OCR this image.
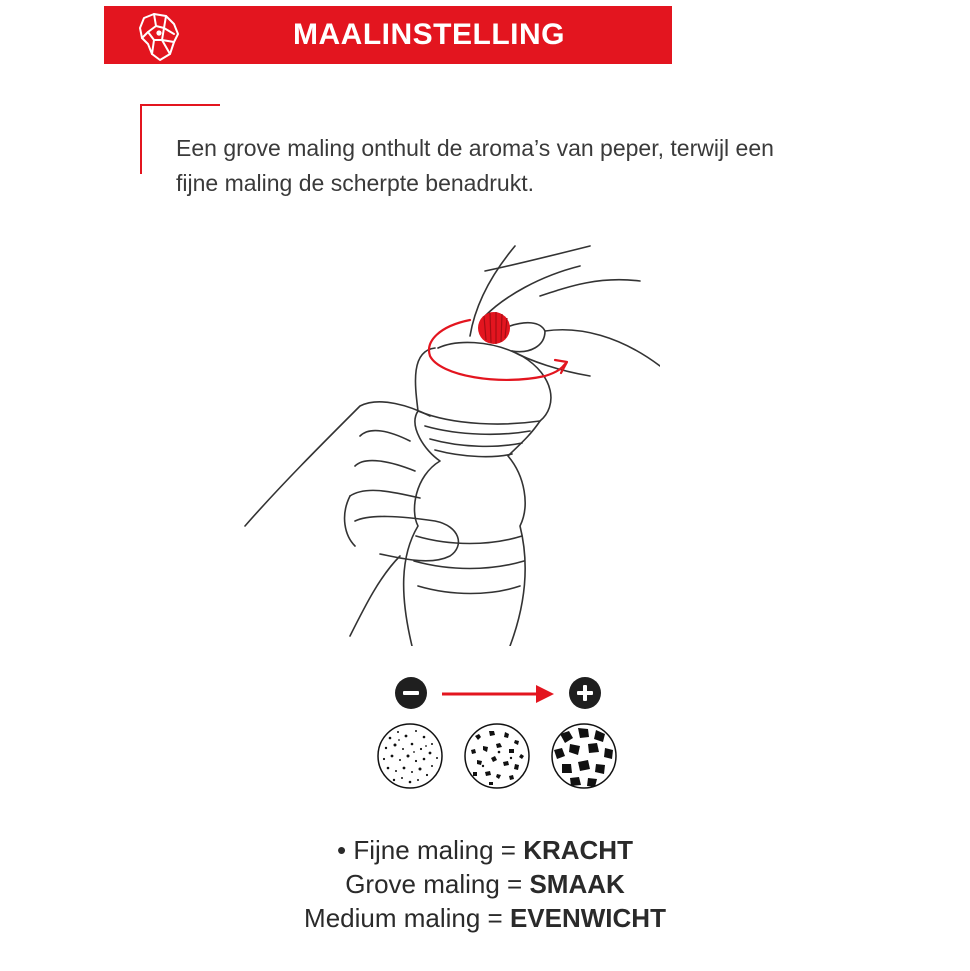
MAALINSTELLING

Een grove maling onthult de aroma’s van peper, terwijl een fijne maling de scherpte benadrukt.

• Fijne maling = KRACHT
Grove maling = SMAAK
Medium maling = EVENWICHT
